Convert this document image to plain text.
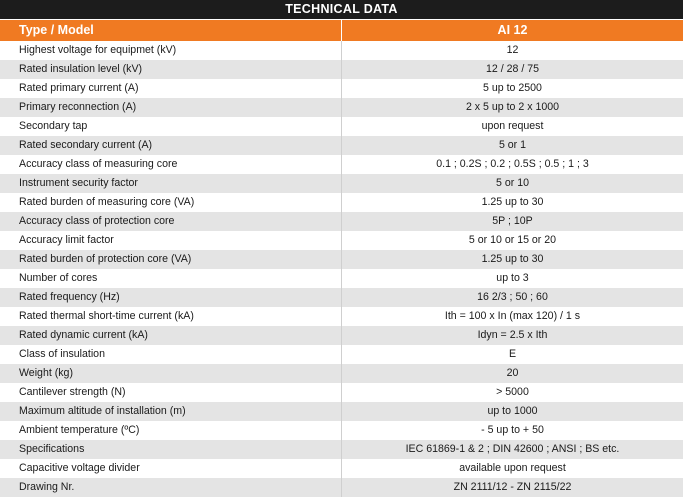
TECHNICAL DATA
Type / Model	AI 12
Highest voltage for equipmet (kV)	12
Rated insulation level (kV)	12 / 28 / 75
Rated primary current (A)	5 up to 2500
Primary reconnection (A)	2 x 5 up to 2 x 1000
Secondary tap	upon request
Rated secondary current (A)	5 or 1
Accuracy class of measuring core	0.1 ; 0.2S ; 0.2 ; 0.5S ; 0.5 ; 1 ; 3
Instrument security factor	5 or 10
Rated burden of measuring core (VA)	1.25 up to 30
Accuracy class of protection core	5P ; 10P
Accuracy limit factor	5 or 10 or 15 or 20
Rated burden of protection core (VA)	1.25 up to 30
Number of cores	up to 3
Rated frequency (Hz)	16 2/3 ; 50 ; 60
Rated thermal short-time current (kA)	Ith = 100 x In (max 120) / 1 s
Rated dynamic current (kA)	Idyn = 2.5 x Ith
Class of insulation	E
Weight (kg)	20
Cantilever strength (N)	> 5000
Maximum altitude of installation (m)	up to 1000
Ambient temperature (ºC)	- 5 up to + 50
Specifications	IEC 61869-1 & 2 ; DIN 42600 ; ANSI ; BS etc.
Capacitive voltage divider	available upon request
Drawing Nr.	ZN 2111/12 - ZN 2115/22
